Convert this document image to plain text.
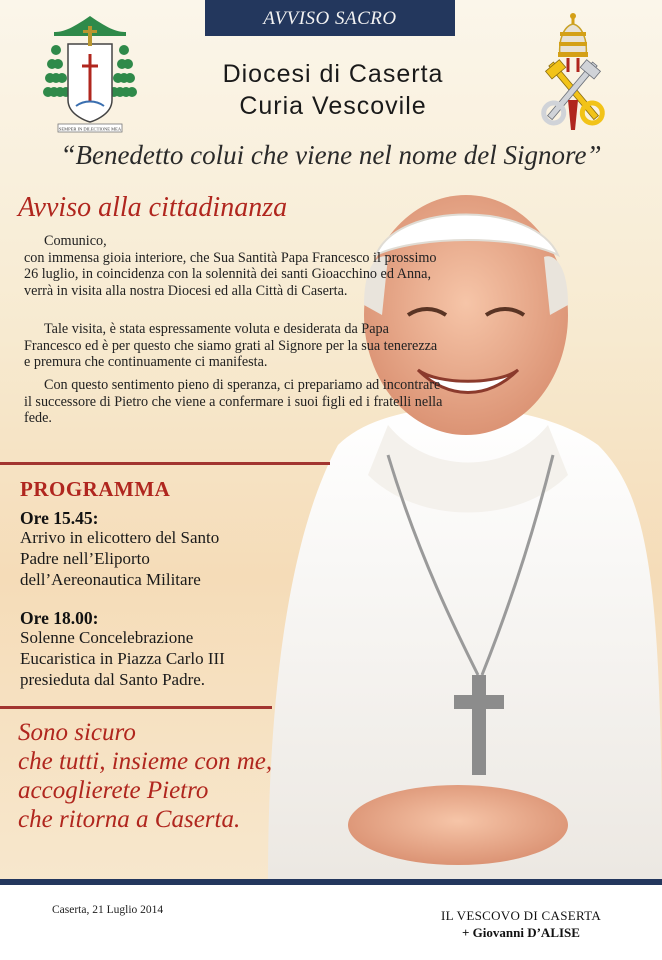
AVVISO SACRO
SEMPER IN DILECTIONE MEA
Diocesi di Caserta
Curia Vescovile
“Benedetto colui che viene nel nome del Signore”
Avviso alla cittadinanza
Comunico,
con immensa gioia interiore, che Sua Santità Papa Francesco il prossimo 26 luglio, in coincidenza con la solennità dei santi Gioacchino ed Anna, verrà in visita alla nostra Diocesi ed alla Città di Caserta.
Tale visita, è stata espressamente voluta e desiderata da Papa Francesco ed è per questo che siamo grati al Signore per la sua tenerezza e premura che continuamente ci manifesta.
Con questo sentimento pieno di speranza, ci prepariamo ad incontrare il successore di Pietro che viene a confermare i suoi figli ed i fratelli nella fede.
PROGRAMMA
Ore 15.45:
Arrivo in elicottero del Santo
Padre nell’Eliporto
dell’Aereonautica Militare
Ore 18.00:
Solenne Concelebrazione
Eucaristica in Piazza Carlo III
presieduta dal Santo Padre.
Sono sicuro
che tutti, insieme con me,
accoglierete Pietro
che ritorna a Caserta.
Caserta, 21 Luglio 2014	IL VESCOVO DI CASERTA
+ Giovanni D’ALISE
